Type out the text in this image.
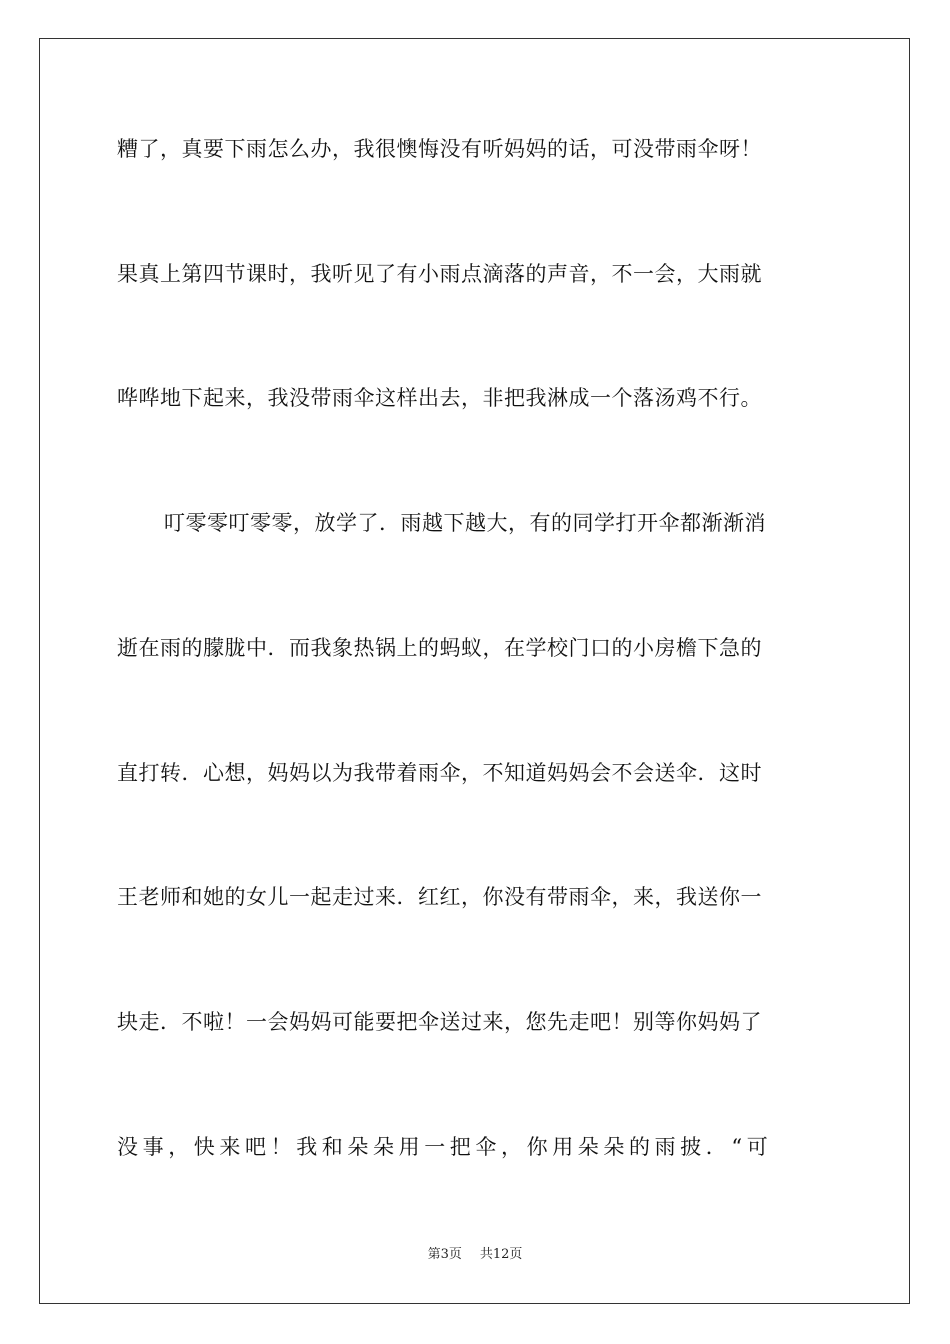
糟了，真要下雨怎么办，我很懊悔没有听妈妈的话，可没带雨伞呀！
果真上第四节课时，我听见了有小雨点滴落的声音，不一会，大雨就
哗哗地下起来，我没带雨伞这样出去，非把我淋成一个落汤鸡不行。
叮零零叮零零，放学了．雨越下越大，有的同学打开伞都渐渐消
逝在雨的朦胧中．而我象热锅上的蚂蚁，在学校门口的小房檐下急的
直打转．心想，妈妈以为我带着雨伞，不知道妈妈会不会送伞．这时
王老师和她的女儿一起走过来．红红，你没有带雨伞，来，我送你一
块走．不啦！一会妈妈可能要把伞送过来，您先走吧！别等你妈妈了
没事，快来吧！我和朵朵用一把伞，你用朵朵的雨披．“可
第3页 共12页
